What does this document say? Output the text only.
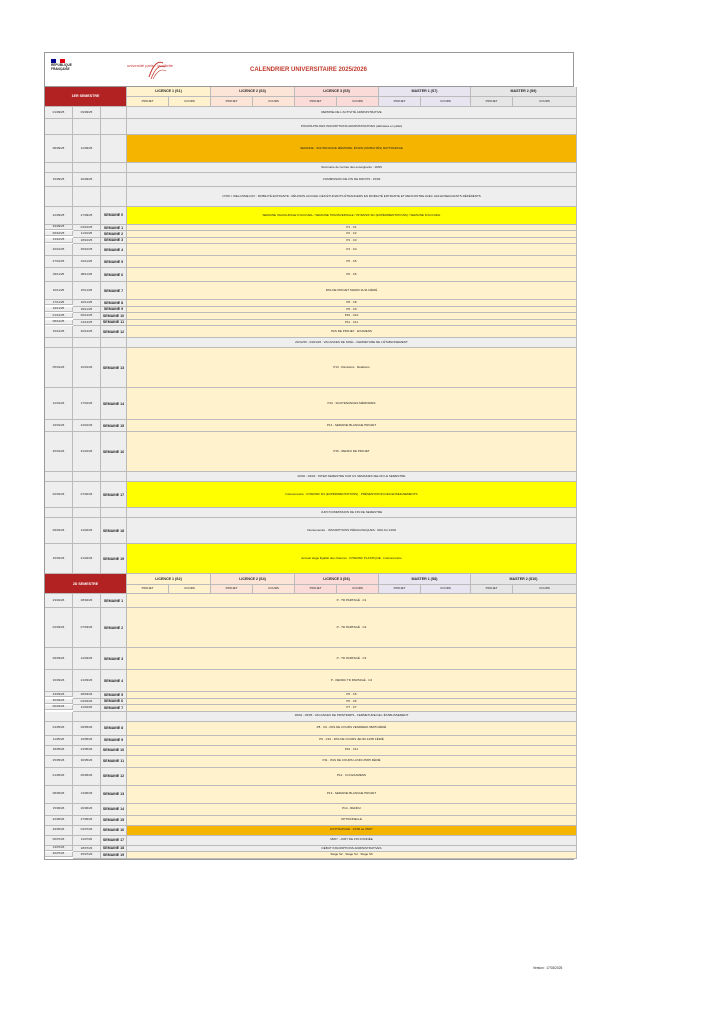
RÉPUBLIQUE FRANÇAISE
université paris - la villette
CALENDRIER UNIVERSITAIRE 2025/2026
1ER SEMESTRE
LICENCE 1 (S1)	LICENCE 2 (S3)	LICENCE 3 (S5)	MASTER 1 (S7)	MASTER 2 (S9)
PROJET	COURS	PROJET	COURS	PROJET	COURS	PROJET	COURS	PROJET	COURS
01/09/25	03/09/25	REPRISE DE L'ACTIVITÉ ADMINISTRATIVE
POURSUITE DES INSCRIPTIONS ADMINISTRATIVES (débutées en juillet)
08/09/25	12/09/25	SEMAINE : SOUTENANCE MÉMOIRE, ÉTAPE (MOBILITÉS) RATTRAPAGE
Séminaire de rentrée des enseignants : 16/09
15/09/25	20/09/25	COMMISSION DE FIN DE DROITS : 15/09
17/09 = WELCOME DAY : MOBILITÉ ENTRANTE : RÉUNION ACCUEIL DES ÉTUDIANTS ÉTRANGERS EN MOBILITÉ ENTRANTE ET RENCONTRE AVEC LES ENSEIGNANTS RÉFÉRENTS
22/09/25	27/09/25	SEMAINE 0	SEMAINE INAUGURALE D'ACCUEIL / SEMAINE TRANSVERSALE / INTENSIF M1 (EXPÉRIMENTATIONS) / SEMAINE D'ACCUEIL
29/09/25	04/10/25	SEMAINE 1	P1 · C1
06/10/25	11/10/25	SEMAINE 2	P2 · C2
13/10/25	18/10/25	SEMAINE 3	P3 · C3
20/10/25	25/10/25	SEMAINE 4	P4 · C4
27/10/25	01/11/25	SEMAINE 5	P5 · C5
03/11/25	08/11/25	SEMAINE 6	P6 · C6
10/11/25	15/11/25	SEMAINE 7	PAS DE PROJET MARDI 11/11 FÉRIÉ
17/11/25	22/11/25	SEMAINE 8	P8 · C8
24/11/25	29/11/25	SEMAINE 9	P9 · C9
01/12/25	06/12/25	SEMAINE 10	P10 · C10
08/12/25	13/12/25	SEMAINE 11	P11 · C11
15/12/25	20/12/25	SEMAINE 12	PAS DE PROJET · EXAMENS
20/12/25 - 04/01/26 : VACANCES DE NOËL - FERMETURE DE L'ÉTABLISSEMENT
05/01/26	10/01/26	SEMAINE 13	P13 · Révisions · Relations
12/01/26	17/01/26	SEMAINE 14	P13 · SOUTENANCES MÉMOIRES
19/01/26	24/01/26	SEMAINE 15	P14 - SEMAINE BLANCHE PROJET
26/01/26	31/01/26	SEMAINE 16	P15 - RENDU DE PROJET
02/02 - 03/02 : INTER SEMESTRE SUR 0/1 SEMAINES SELON LE SEMESTRE
02/02/26	07/02/26	SEMAINE 17	Intersemestre · INTENSIF M1 (EXPÉRIMENTATIONS) · PRÉSENTATION DES ENSEIGNEMENTS
JURY/COMMISSION DE FIN DE SEMESTRE
09/02/26	14/02/26	SEMAINE 18	Intersemestre · INSCRIPTIONS PÉDAGOGIQUES : 9/02 AU 13/02
16/02/26	21/02/26	SEMAINE 19	Accueil stage Égalité des chances · INTENSIF PLASTIQUE · Intersemestre
2D SEMESTRE
LICENCE 1 (S2)	LICENCE 2 (S4)	LICENCE 3 (S6)	MASTER 1 (S8)	MASTER 2 (S10)
PROJET	COURS	PROJET	COURS	PROJET	COURS	PROJET	COURS	PROJET	COURS
23/02/26	28/02/26	SEMAINE 1	P - TD PARTAGÉ · C1
02/03/26	07/03/26	SEMAINE 2	P - TD PARTAGÉ · C2
09/03/26	14/03/26	SEMAINE 3	P - TD PARTAGÉ · C3
16/03/26	21/03/26	SEMAINE 4	P - RENDU TD PARTAGÉ · C4
23/03/26	28/03/26	SEMAINE 5	P5 · C5
30/03/26	04/04/26	SEMAINE 6	P6 · C6
06/04/26	11/04/26	SEMAINE 7	P7 · C7
18/04 - 03/05 : VACANCES DE PRINTEMPS - FERMETURE DE L'ÉTABLISSEMENT
04/05/26	09/05/26	SEMAINE 8	P8 · C9 - PAS DE COURS VENDREDI 08/05 FÉRIÉ
11/05/26	16/05/26	SEMAINE 9	P9 · C10 - PAS DE COURS JEUDI 14/05 FÉRIÉ
18/05/26	23/05/26	SEMAINE 10	P10 · C11
25/05/26	30/05/26	SEMAINE 11	P11 · PAS DE COURS LUNDI 25/05 FÉRIÉ
01/06/26	06/06/26	SEMAINE 12	P12 · C13 EXAMENS
08/06/26	13/06/26	SEMAINE 13	P13 - SEMAINE BLANCHE PROJET
15/06/26	20/06/26	SEMAINE 14	P14 - RENDU
22/06/26	27/06/26	SEMAINE 15	OPTIONNELLE
29/06/26	04/07/26	SEMAINE 16	RATTRAPAGE : 29/06 au 08/07
06/07/26	11/07/26	SEMAINE 17	08/07 - JURY DE FIN D'ANNÉE
13/07/26	18/07/26	SEMAINE 18	DÉBUT INSCRIPTIONS ADMINISTRATIVES
20/07/26	25/07/26	SEMAINE 19	Stage S2 · Stage S4 · Stage S6
Version : 17/03/2025
